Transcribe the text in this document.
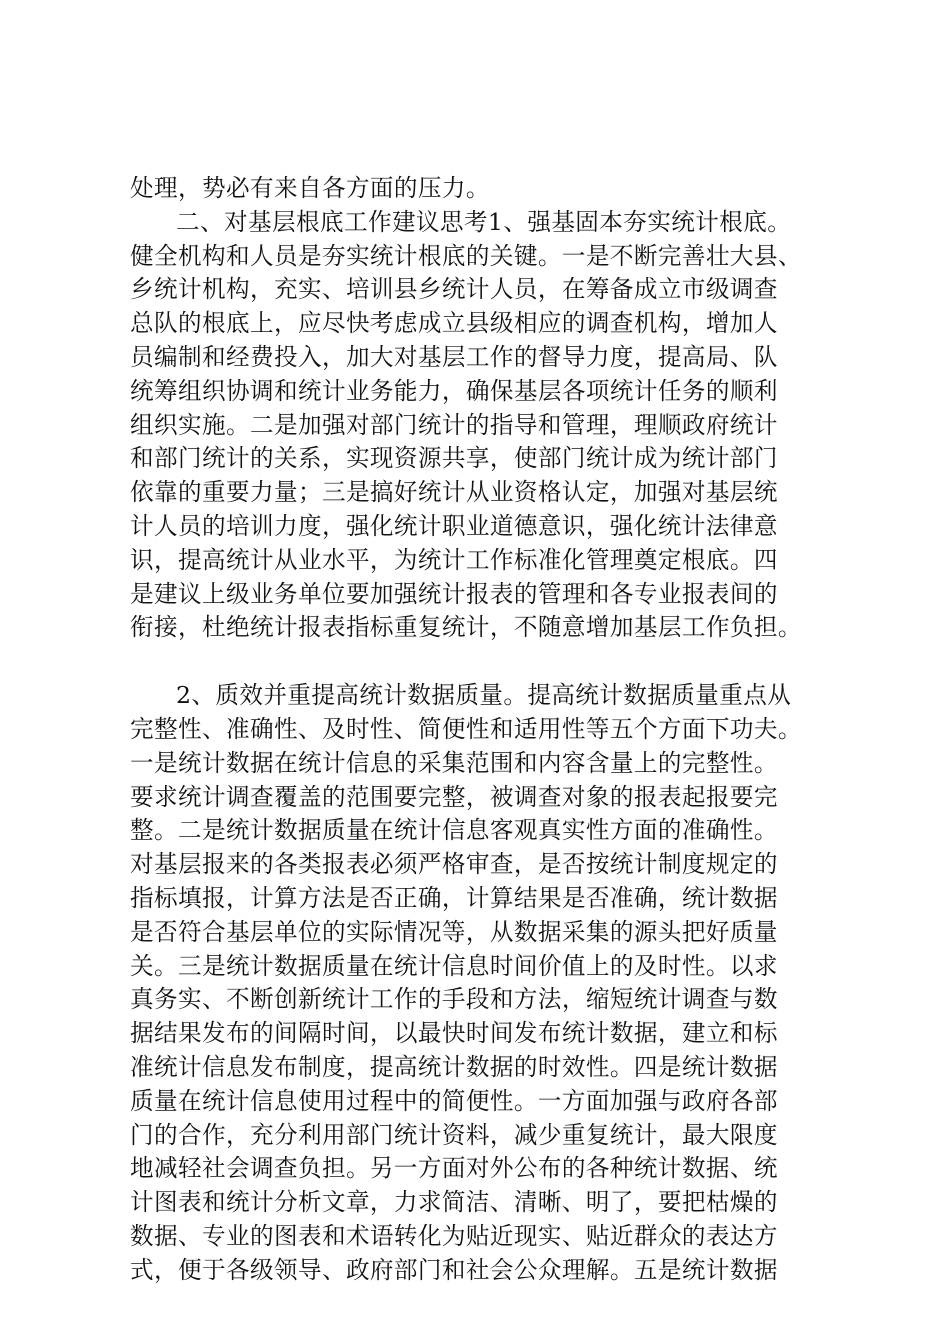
处理，势必有来自各方面的压力。
二、对基层根底工作建议思考1、强基固本夯实统计根底。
健全机构和人员是夯实统计根底的关键。一是不断完善壮大县、
乡统计机构，充实、培训县乡统计人员，在筹备成立市级调查
总队的根底上，应尽快考虑成立县级相应的调查机构，增加人
员编制和经费投入，加大对基层工作的督导力度，提高局、队
统筹组织协调和统计业务能力，确保基层各项统计任务的顺利
组织实施。二是加强对部门统计的指导和管理，理顺政府统计
和部门统计的关系，实现资源共享，使部门统计成为统计部门
依靠的重要力量；三是搞好统计从业资格认定，加强对基层统
计人员的培训力度，强化统计职业道德意识，强化统计法律意
识，提高统计从业水平，为统计工作标准化管理奠定根底。四
是建议上级业务单位要加强统计报表的管理和各专业报表间的
衔接，杜绝统计报表指标重复统计，不随意增加基层工作负担。
2、质效并重提高统计数据质量。提高统计数据质量重点从
完整性、准确性、及时性、简便性和适用性等五个方面下功夫。
一是统计数据在统计信息的采集范围和内容含量上的完整性。
要求统计调查覆盖的范围要完整，被调查对象的报表起报要完
整。二是统计数据质量在统计信息客观真实性方面的准确性。
对基层报来的各类报表必须严格审查，是否按统计制度规定的
指标填报，计算方法是否正确，计算结果是否准确，统计数据
是否符合基层单位的实际情况等，从数据采集的源头把好质量
关。三是统计数据质量在统计信息时间价值上的及时性。以求
真务实、不断创新统计工作的手段和方法，缩短统计调查与数
据结果发布的间隔时间，以最快时间发布统计数据，建立和标
准统计信息发布制度，提高统计数据的时效性。四是统计数据
质量在统计信息使用过程中的简便性。一方面加强与政府各部
门的合作，充分利用部门统计资料，减少重复统计，最大限度
地减轻社会调查负担。另一方面对外公布的各种统计数据、统
计图表和统计分析文章，力求简洁、清晰、明了，要把枯燥的
数据、专业的图表和术语转化为贴近现实、贴近群众的表达方
式，便于各级领导、政府部门和社会公众理解。五是统计数据
